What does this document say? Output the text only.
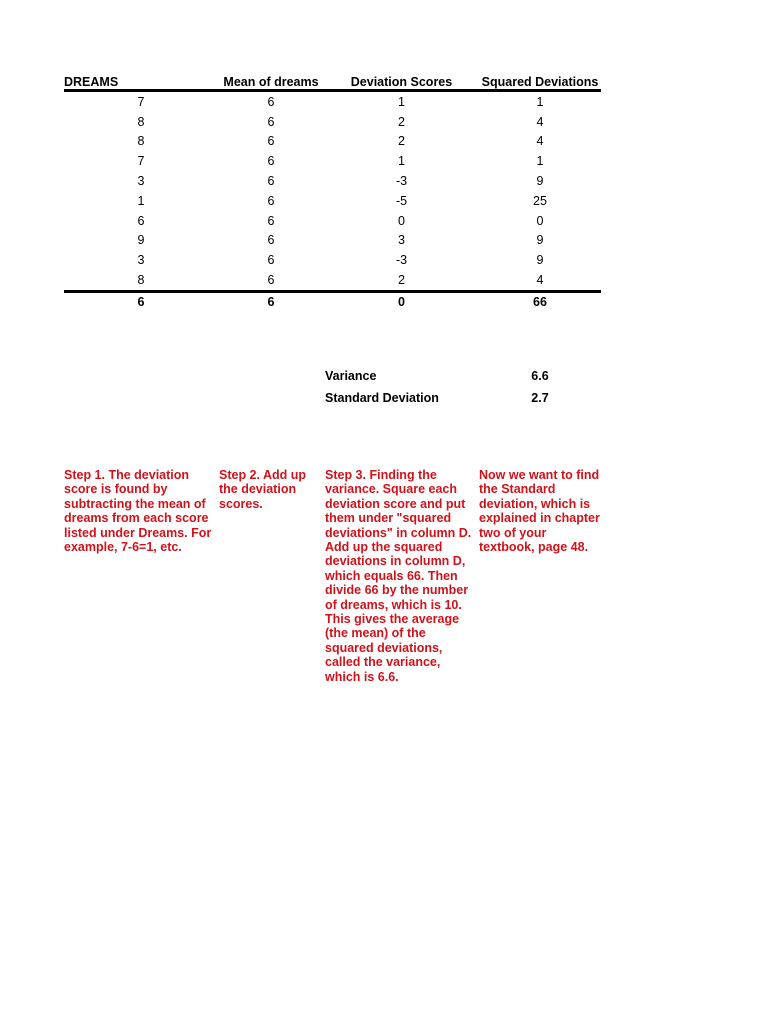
DREAMS	Mean of dreams	Deviation Scores	Squared Deviations
7	6	1	1
8	6	2	4
8	6	2	4
7	6	1	1
3	6	-3	9
1	6	-5	25
6	6	0	0
9	6	3	9
3	6	-3	9
8	6	2	4
6	6	0	66
Variance	6.6
Standard Deviation	2.7
Step 1. The deviation score is found by subtracting the mean of dreams from each score listed under Dreams. For example, 7-6=1, etc.
Step 2. Add up the deviation scores.
Step 3. Finding the variance. Square each deviation score and put them under "squared deviations" in column D. Add up the squared deviations in column D, which equals 66. Then divide 66 by the number of dreams, which is 10. This gives the average (the mean) of the squared deviations, called the variance, which is 6.6.
Now we want to find the Standard deviation, which is explained in chapter two of your textbook, page 48.
